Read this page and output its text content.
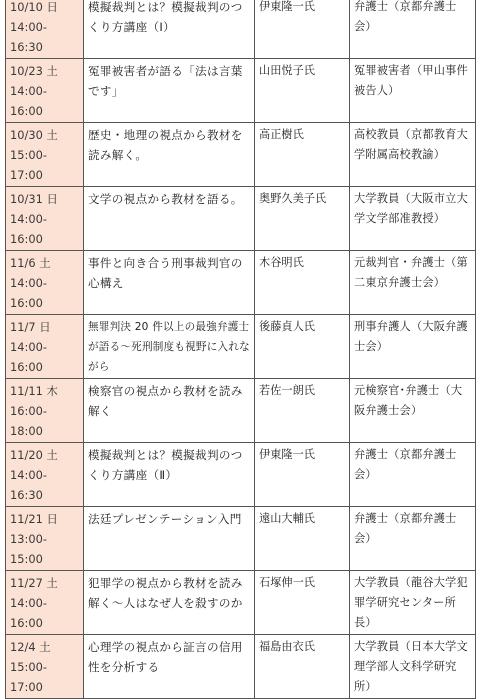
10/10 日
14:00-16:30	模擬裁判とは？模擬裁判のつくり方講座（Ⅰ）	伊東隆一氏	弁護士（京都弁護士会）

10/23 土
14:00-16:00	冤罪被害者が語る「法は言葉です」	山田悦子氏	冤罪被害者（甲山事件被告人）

10/30 土
15:00-17:00	歴史・地理の視点から教材を読み解く。	高正樹氏	高校教員（京都教育大学附属高校教諭）

10/31 日
14:00-16:00	文学の視点から教材を語る。	奥野久美子氏	大学教員（大阪市立大学文学部准教授）

11/6 土
14:00-16:00	事件と向き合う刑事裁判官の心構え	木谷明氏	元裁判官・弁護士（第二東京弁護士会）

11/7 日
14:00-16:00	無罪判決 20 件以上の最強弁護士が語る～死刑制度も視野に入れながら	後藤貞人氏	刑事弁護人（大阪弁護士会）

11/11 木
16:00-18:00	検察官の視点から教材を読み解く	若佐一朗氏	元検察官･弁護士（大阪弁護士会）

11/20 土
14:00-16:30	模擬裁判とは？模擬裁判のつくり方講座（Ⅱ）	伊東隆一氏	弁護士（京都弁護士会）

11/21 日
13:00-15:00	法廷プレゼンテーション入門	遠山大輔氏	弁護士（京都弁護士会）

11/27 土
14:00-16:00	犯罪学の視点から教材を読み解く～人はなぜ人を殺すのか	石塚伸一氏	大学教員（龍谷大学犯罪学研究センター所長）

12/4 土
15:00-17:00	心理学の視点から証言の信用性を分析する	福島由衣氏	大学教員（日本大学文理学部人文科学研究所）
